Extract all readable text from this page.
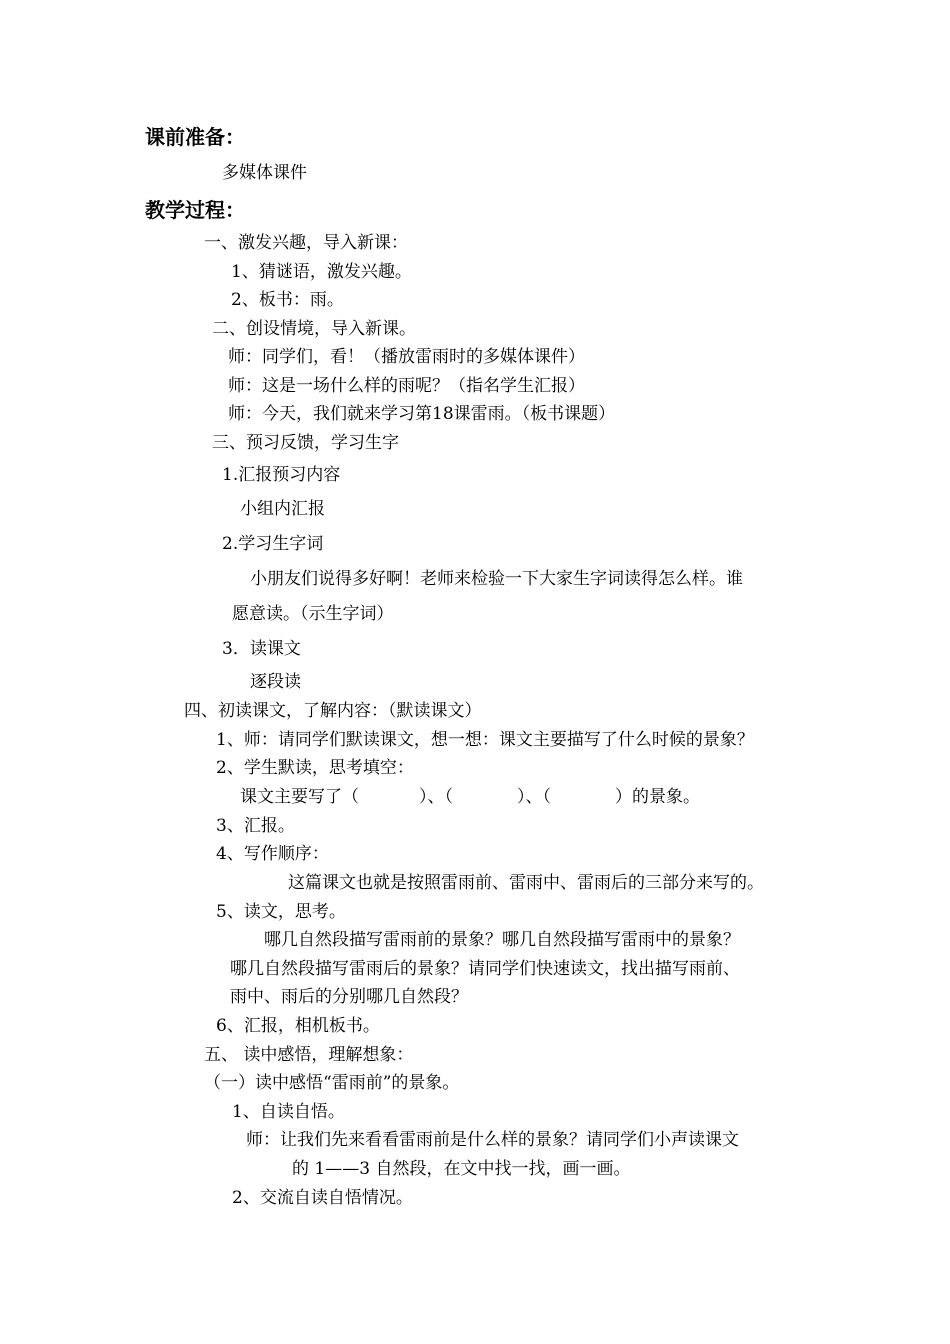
课前准备：
多媒体课件
教学过程：
一、激发兴趣，导入新课：
1、猜谜语，激发兴趣。
2、板书：雨。
二、创设情境，导入新课。
师：同学们，看！（播放雷雨时的多媒体课件）
师：这是一场什么样的雨呢？（指名学生汇报）
师：今天，我们就来学习第18课雷雨。（板书课题）
三、预习反馈，学习生字
1.汇报预习内容
小组内汇报
2.学习生字词
小朋友们说得多好啊！老师来检验一下大家生字词读得怎么样。谁
愿意读。（示生字词）
3．读课文
逐段读
四、初读课文，了解内容：（默读课文）
1、师：请同学们默读课文，想一想：课文主要描写了什么时候的景象？
2、学生默读，思考填空：
课文主要写了（	）、（	）、（	）的景象。
3、汇报。
4、写作顺序：
这篇课文也就是按照雷雨前、雷雨中、雷雨后的三部分来写的。
5、读文，思考。
哪几自然段描写雷雨前的景象？哪几自然段描写雷雨中的景象？
哪几自然段描写雷雨后的景象？请同学们快速读文，找出描写雨前、
雨中、雨后的分别哪几自然段？
6、汇报，相机板书。
五、 读中感悟，理解想象：
（一）读中感悟“雷雨前”的景象。
1、自读自悟。
师：让我们先来看看雷雨前是什么样的景象？请同学们小声读课文
的 1——3 自然段，在文中找一找，画一画。
2、交流自读自悟情况。
